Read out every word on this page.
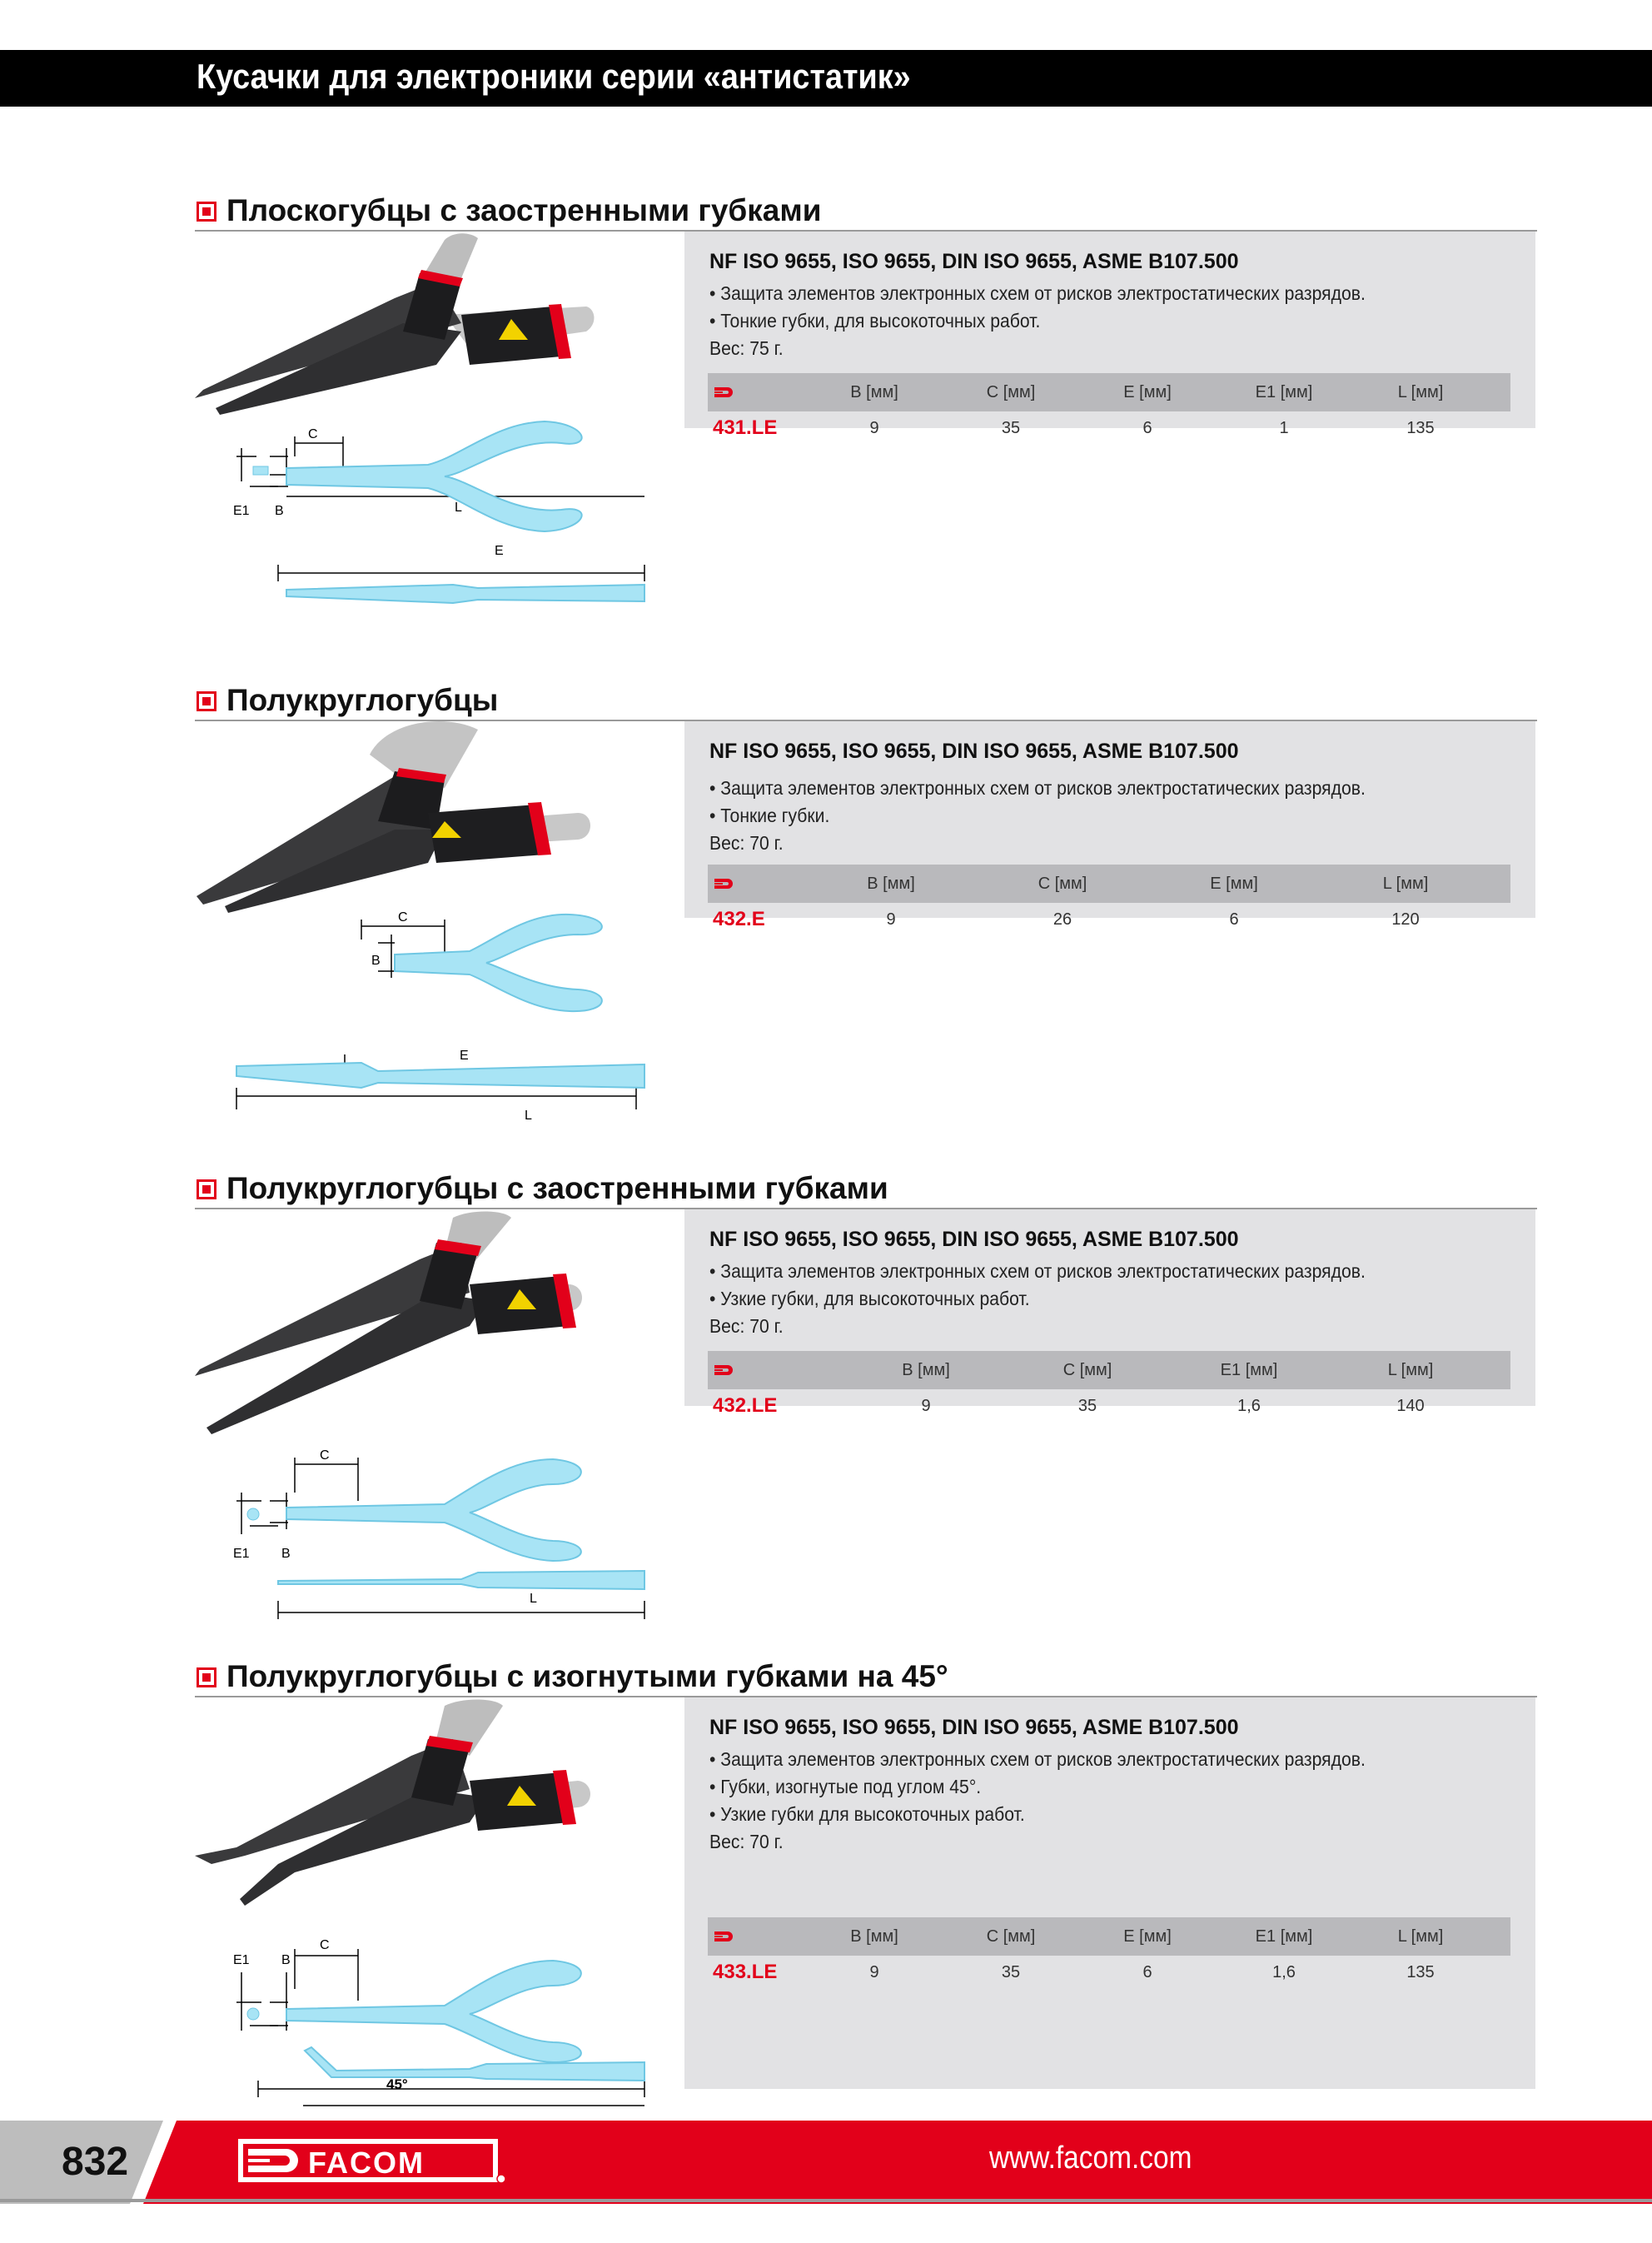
Кусачки для электроники серии «антистатик»
Плоскогубцы с заостренными губками
E1 B
C
L
E
NF ISO 9655, ISO 9655, DIN ISO 9655, ASME B107.500
• Защита элементов электронных схем от рисков электростатических разрядов.
• Тонкие губки, для высокоточных работ.
Вес: 75 г.
B [мм]	C [мм]	E [мм]	E1 [мм]	L [мм]
431.LE	9	35	6	1	135
Полукруглогубцы
C
B
E
L
NF ISO 9655, ISO 9655, DIN ISO 9655, ASME B107.500
• Защита элементов электронных схем от рисков электростатических разрядов.
• Тонкие губки.
Вес: 70 г.
B [мм]	C [мм]	E [мм]	L [мм]
432.E	9	26	6	120
Полукруглогубцы с заостренными губками
E1 B
C
L
NF ISO 9655, ISO 9655, DIN ISO 9655, ASME B107.500
• Защита элементов электронных схем от рисков электростатических разрядов.
• Узкие губки, для высокоточных работ.
Вес: 70 г.
B [мм]	C [мм]	E1 [мм]	L [мм]
432.LE	9	35	1,6	140
Полукруглогубцы с изогнутыми губками на 45°
E1 B
C
45°
NF ISO 9655, ISO 9655, DIN ISO 9655, ASME B107.500
• Защита элементов электронных схем от рисков электростатических разрядов.
• Губки, изогнутые под углом 45°.
• Узкие губки для высокоточных работ.
Вес: 70 г.
B [мм]	C [мм]	E [мм]	E1 [мм]	L [мм]
433.LE	9	35	6	1,6	135
832	FACOM	www.facom.com
